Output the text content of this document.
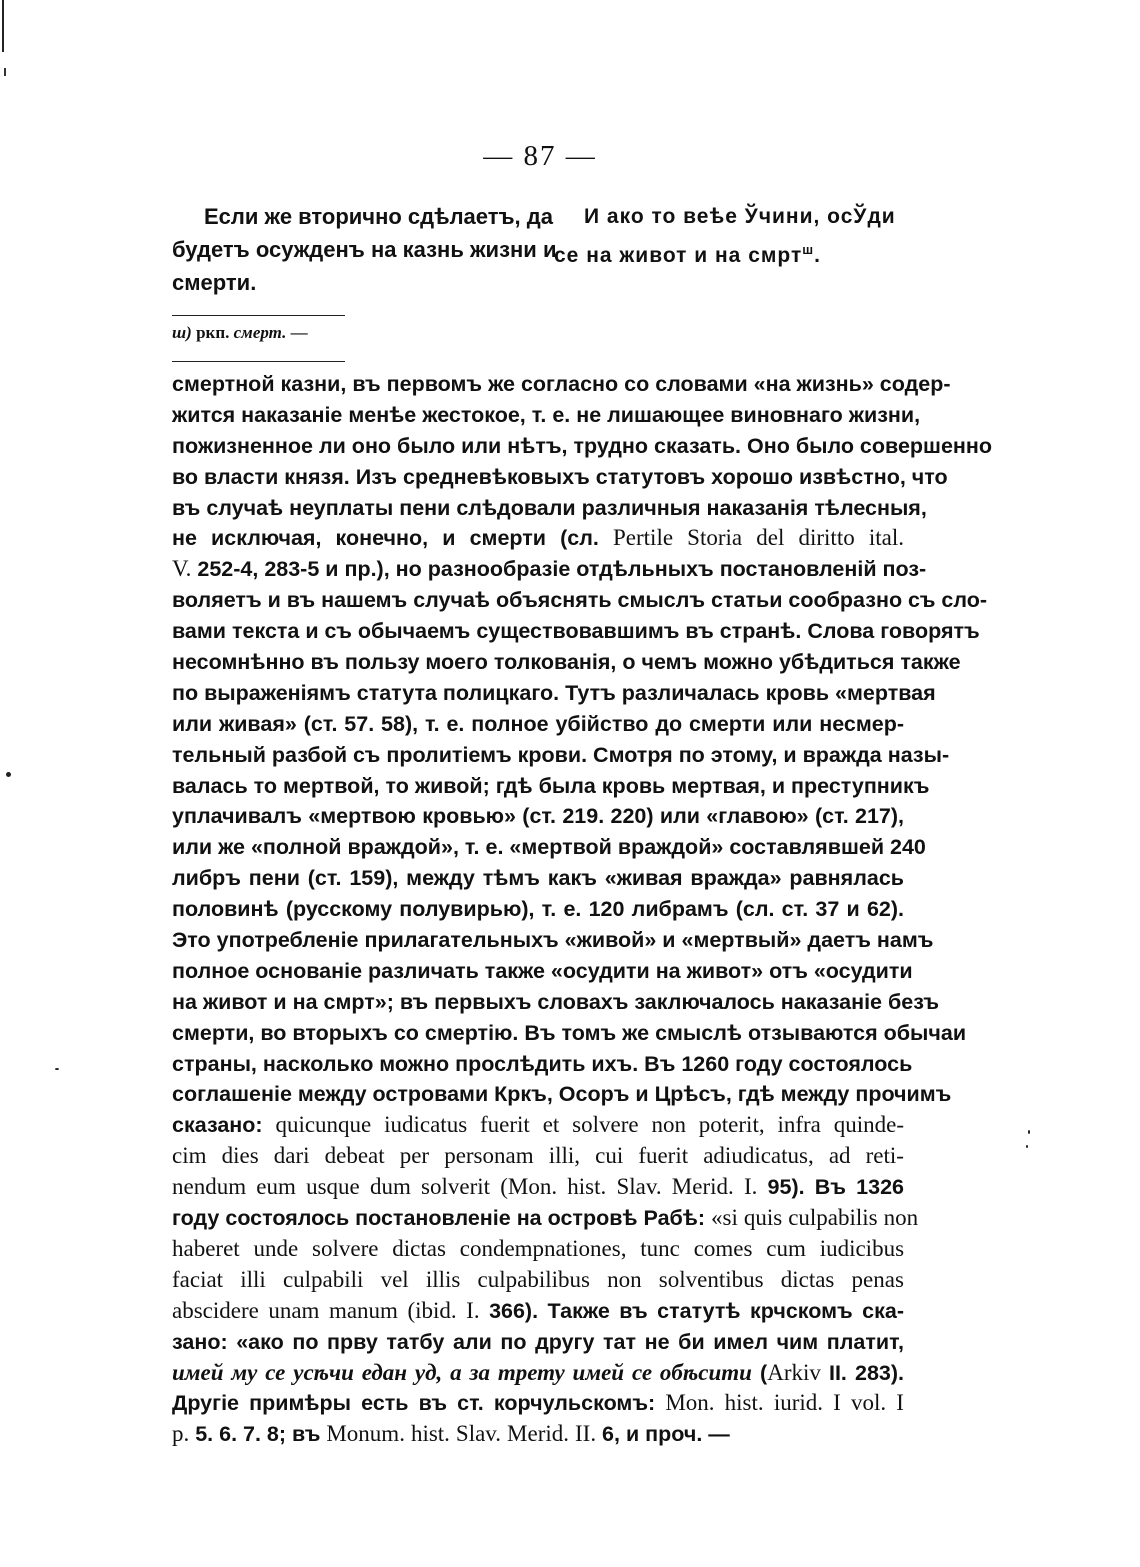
— 87 —
Если же вторично сдѣлаетъ, да
будетъ осужденъ на казнь жизни и
смерти.
И ако то веѣе Ўчини, осЎди
се на живот и на смрт$^ш$.
ш) ркп. смерт. —
смертной казни, въ первомъ же согласно со словами «на жизнь» содер-
жится наказаніе менѣе жестокое, т. е. не лишающее виновнаго жизни,
пожизненное ли оно было или нѣтъ, трудно сказать. Оно было совершенно
во власти князя. Изъ средневѣковыхъ статутовъ хорошо извѣстно, что
въ случаѣ неуплаты пени слѣдовали различныя наказанія тѣлесныя,
не исключая, конечно, и смерти (сл. Pertile Storia del diritto ital.
V. 252-4, 283-5 и пр.), но разнообразіе отдѣльныхъ постановленій поз-
воляетъ и въ нашемъ случаѣ объяснять смыслъ статьи сообразно съ сло-
вами текста и съ обычаемъ существовавшимъ въ странѣ. Слова говорятъ
несомнѣнно въ пользу моего толкованія, о чемъ можно убѣдиться также
по выраженіямъ статута полицкаго. Тутъ различалась кровь «мертвая
или живая» (ст. 57. 58), т. е. полное убійство до смерти или несмер-
тельный разбой съ пролитіемъ крови. Смотря по этому, и вражда назы-
валась то мертвой, то живой; гдѣ была кровь мертвая, и преступникъ
уплачивалъ «мертвою кровью» (ст. 219. 220) или «главою» (ст. 217),
или же «полной враждой», т. е. «мертвой враждой» составлявшей 240
либръ пени (ст. 159), между тѣмъ какъ «живая вражда» равнялась
половинѣ (русскому полувирью), т. е. 120 либрамъ (сл. ст. 37 и 62).
Это употребленіе прилагательныхъ «живой» и «мертвый» даетъ намъ
полное основаніе различать также «осудити на живот» отъ «осудити
на живот и на смрт»; въ первыхъ словахъ заключалось наказаніе безъ
смерти, во вторыхъ со смертію. Въ томъ же смыслѣ отзываются обычаи
страны, насколько можно прослѣдить ихъ. Въ 1260 году состоялось
соглашеніе между островами Кркъ, Осоръ и Црѣсъ, гдѣ между прочимъ
сказано: quicunque iudicatus fuerit et solvere non poterit, infra quinde-
cim dies dari debeat per personam illi, cui fuerit adiudicatus, ad reti-
nendum eum usque dum solverit (Mon. hist. Slav. Merid. I. 95). Въ 1326
году состоялось постановленіе на островѣ Рабѣ: «si quis culpabilis non
haberet unde solvere dictas condempnationes, tunc comes cum iudicibus
faciat illi culpabili vel illis culpabilibus non solventibus dictas penas
abscidere unam manum (ibid. I. 366). Также въ статутѣ крчскомъ ска-
зано: «ако по прву татбу али по другу тат не би имел чим платит,
имей му се усѣчи едан уд, а за трету имей се обѣсити (Arkiv II. 283).
Другіе примѣры есть въ ст. корчульскомъ: Mon. hist. iurid. I vol. I
p. 5. 6. 7. 8; въ Monum. hist. Slav. Merid. II. 6, и проч. —
